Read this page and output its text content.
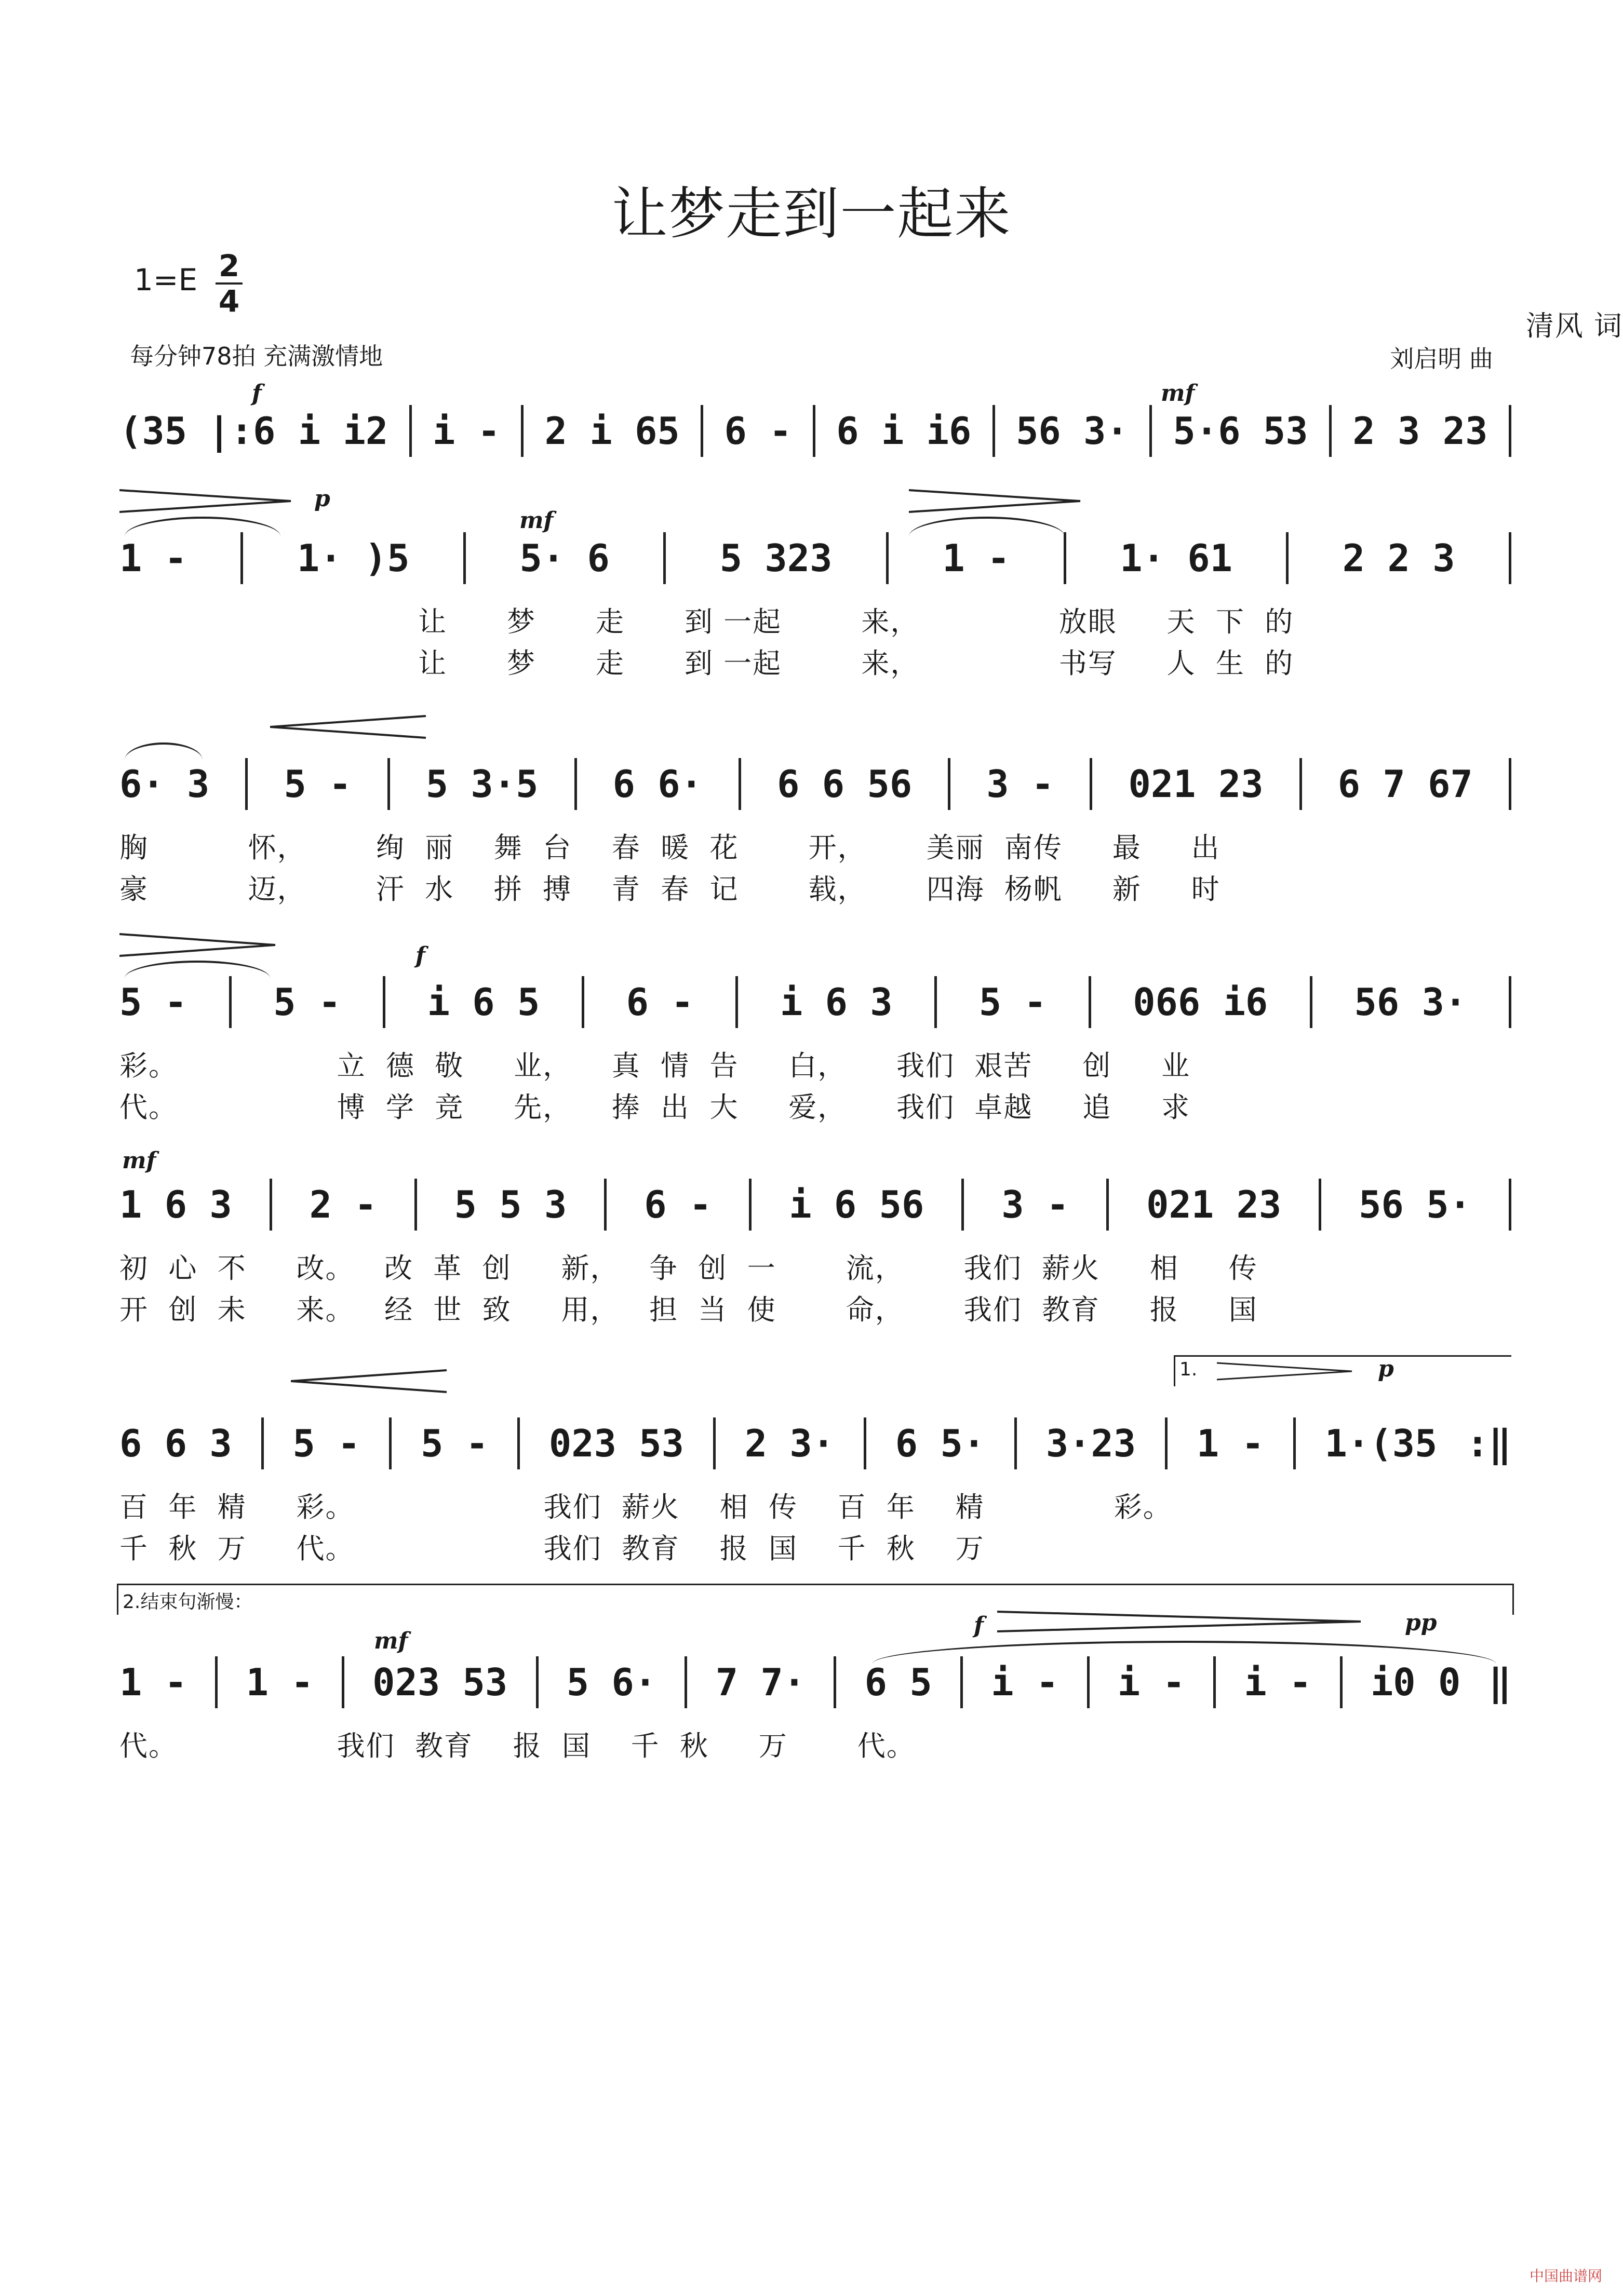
让梦走到一起来
1=E 2
4
每分钟78拍 充满激情地
清风 词
刘启明 曲
f	mf
(35 |:6 i i2 i - 2 i 65 6 - 6 i i6 56 3· 5·6 53 2 3 23
p
mf
1 -	1· )5	5· 6	5 323	1 -	1· 61	2 2 3
让      梦      走      到 一起        来，              放眼     天  下  的
让      梦      走      到 一起        来，              书写     人  生  的
6· 3 5 - 5 3·5 6 6· 6 6 56 3 - 021 23 6 7 67
胸          怀，       绚  丽    舞  台    春  暖  花       开，      美丽  南传     最     出
豪          迈，       汗  水    拼  搏    青  春  记       载，      四海  杨帆     新     时
f
5 - 5 - i 6 5 6 - i 6 3 5 - 066 i6 56 3·
彩。                立  德  敬     业，    真  情  告     白，     我们  艰苦     创     业
代。                博  学  竞     先，    捧  出  大     爱，     我们  卓越     追     求
mf
1 6 3 2 - 5 5 3 6 - i 6 56 3 - 021 23 56 5·
初  心  不     改。   改  革  创     新，   争  创  一       流，      我们  薪火     相     传
开  创  未     来。   经  世  致     用，   担  当  使       命，      我们  教育     报     国
1.	p
6 6 3 5 - 5 - 023 53 2 3· 6 5· 3·23 1 - 1·(35 :‖
百  年  精     彩。                   我们  薪火    相  传    百  年    精             彩。
千  秋  万     代。                   我们  教育    报  国    千  秋    万
2.结束句渐慢：
f	pp
mf
1 - 1 - 023 53 5 6· 7 7· 6 5 i - i - i - i0 0 ‖
代。                我们  教育    报  国    千  秋     万       代。
中国曲谱网
